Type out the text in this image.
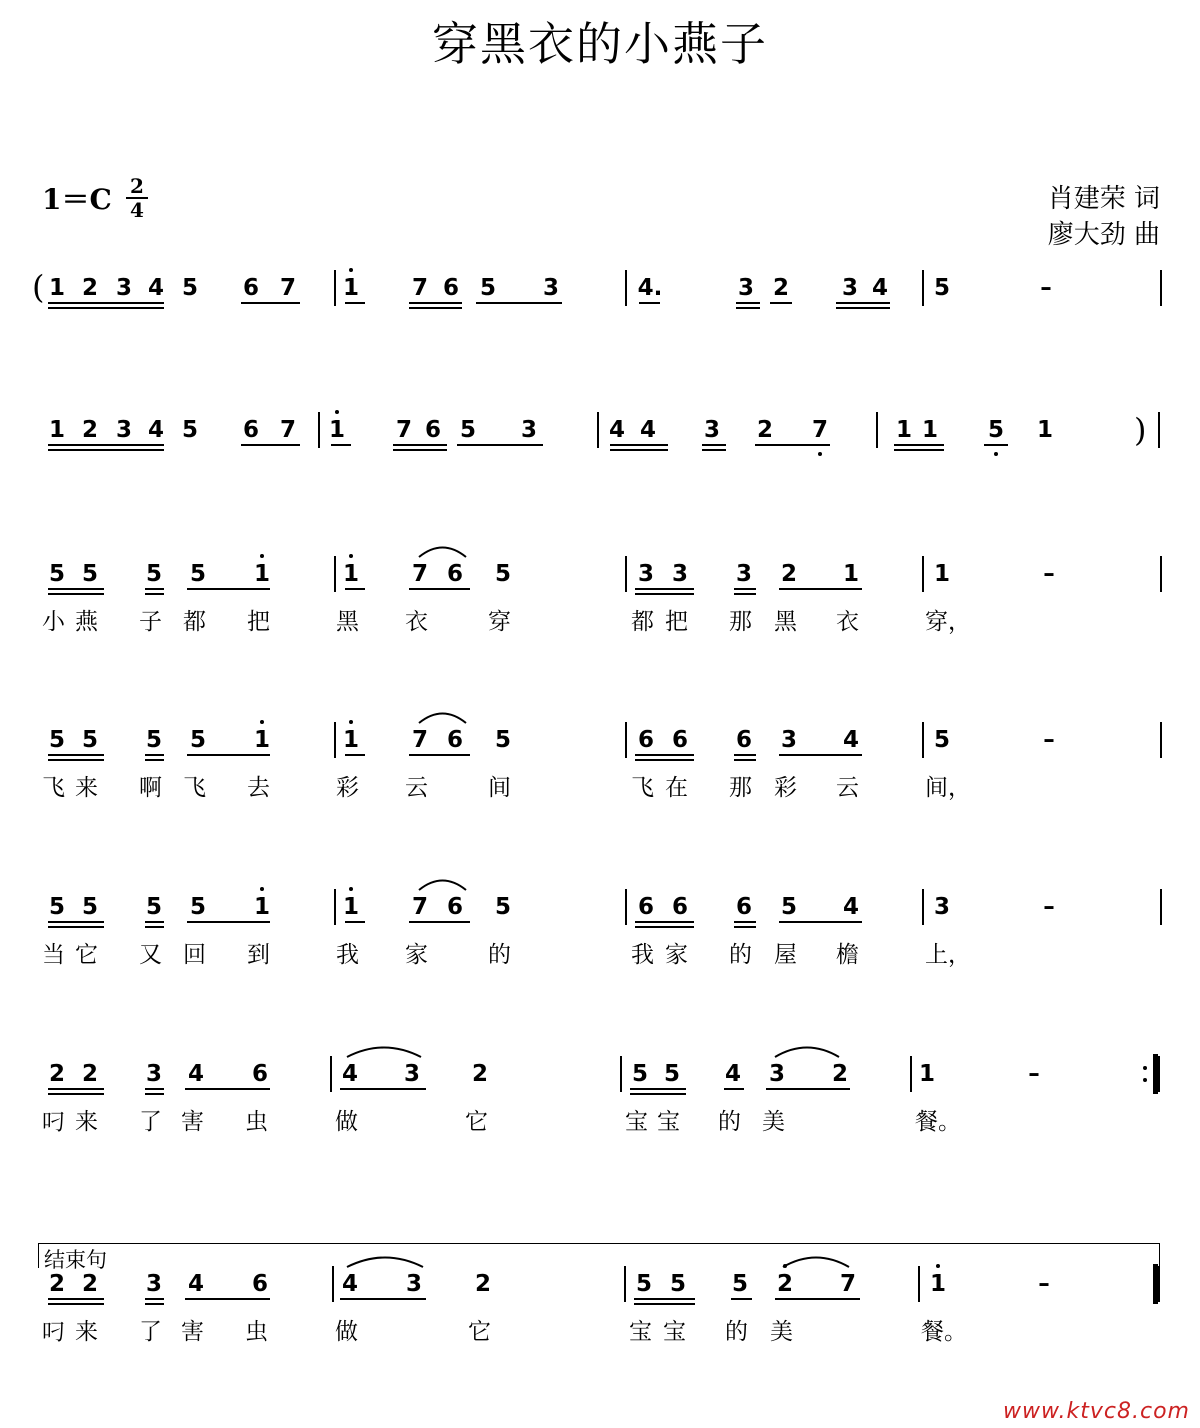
穿黑衣的小燕子
1＝C 2
4	肖建荣 词
廖大劲 曲
结束句
www.ktvc8.com
1 2 3 4 5 6 7 1 7 6 5 3	4.	3 2 3 4 5	–
1 2 3 4 5 6 7 1 7 6 5 3	4 4 3 2 7	1 1 5 1
5 5 5 5 1	1 7 6 5	3 3 3 2 1	1	–
小 燕	子 都	把	黑	衣	穿	都 把	那 黑	衣	穿，
5 5 5 5 1	1 7 6 5	6 6 6 3 4	5	–
飞 来	啊 飞	去	彩	云	间	飞 在	那 彩	云	间，
5 5 5 5 1	1 7 6 5	6 6 6 5 4	3	–
当 它	又 回	到	我	家	的	我 家	的 屋	檐	上，
2 2 3 4 6	4 3 2	5 5 4 3 2	1	–
叼 来	了 害	虫	做	它	宝 宝	的 美	餐。
2 2 3 4 6	4 3 2	5 5 5 2 7	1	–
叼 来	了 害	虫	做	它	宝 宝	的 美	餐。
(
)
